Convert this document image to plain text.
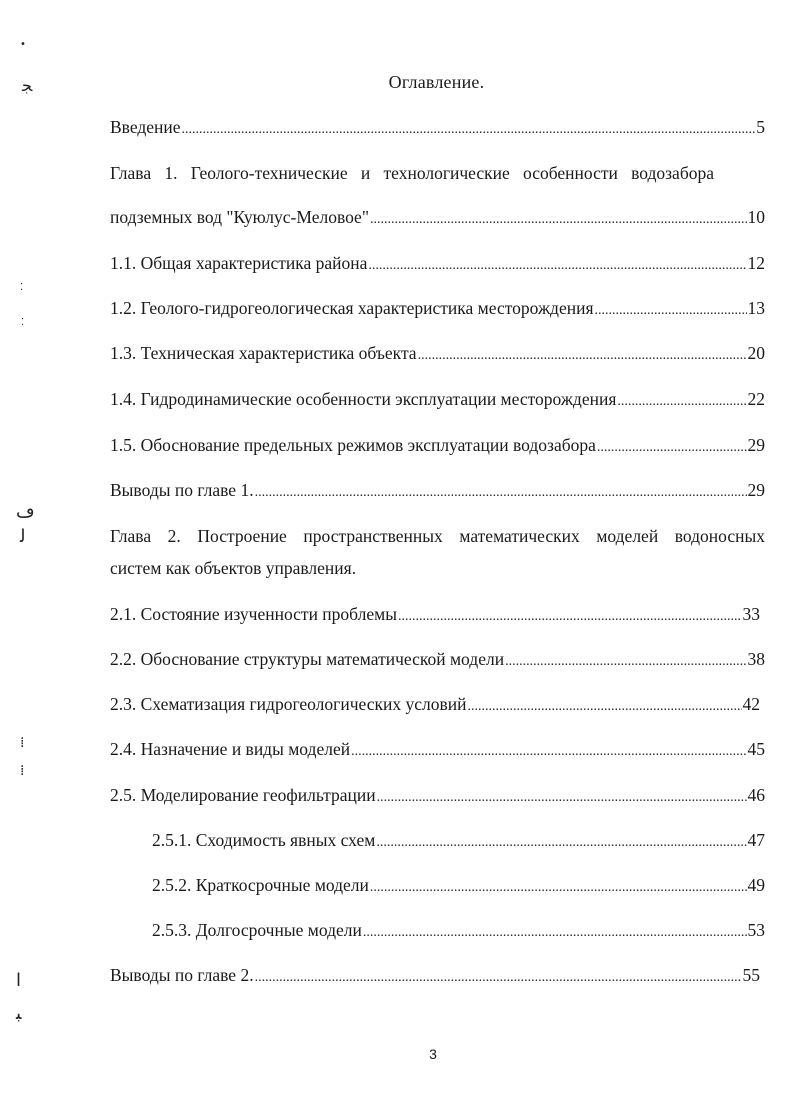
Оглавление.
Введение .....	5
Глава 1. Геолого-технические и технологические особенности водозабора
подземных вод "Куюлус-Меловое" .....	10
1.1. Общая характеристика района .....	12
1.2. Геолого-гидрогеологическая характеристика месторождения .....	13
1.3. Техническая характеристика объекта .....	20
1.4. Гидродинамические особенности эксплуатации месторождения .....	22
1.5. Обоснование предельных режимов эксплуатации водозабора .....	29
Выводы по главе 1. .....	29
Глава 2. Построение пространственных математических моделей водоносных
систем как объектов управления.
2.1. Состояние изученности проблемы .....	33
2.2. Обоснование структуры математической модели .....	38
2.3. Схематизация гидрогеологических условий .....	42
2.4. Назначение и виды моделей .....	45
2.5. Моделирование геофильтрации .....	46
2.5.1. Сходимость явных схем .....	47
2.5.2. Краткосрочные модели .....	49
2.5.3. Долгосрочные модели .....	53
Выводы по главе 2. .....	55
3
•
ﺠ
⁚
⁚
ڡ
ﻟ
⁞
⁞
ﺍ
ﺒ
